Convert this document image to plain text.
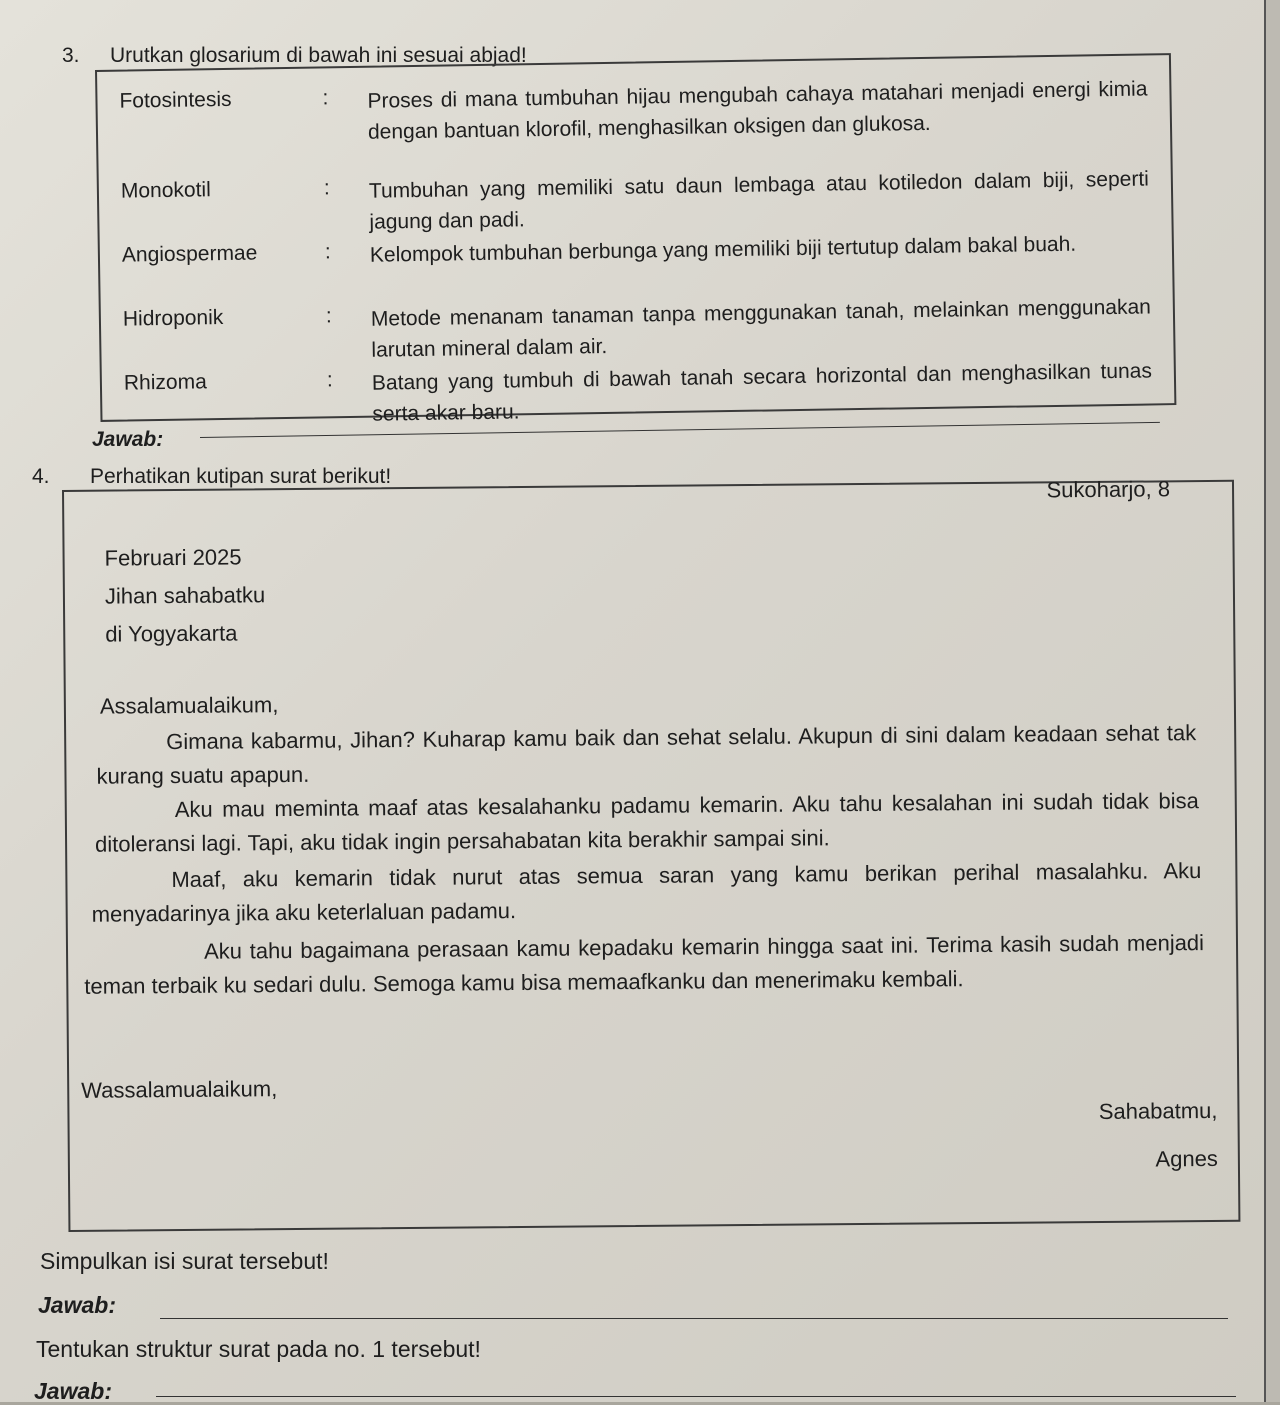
3. Urutkan glosarium di bawah ini sesuai abjad!
Fotosintesis	: Proses di mana tumbuhan hijau mengubah cahaya matahari menjadi energi kimia dengan bantuan klorofil, menghasilkan oksigen dan glukosa.
Monokotil	: Tumbuhan yang memiliki satu daun lembaga atau kotiledon dalam biji, seperti jagung dan padi.
Angiospermae	: Kelompok tumbuhan berbunga yang memiliki biji tertutup dalam bakal buah.
Hidroponik	: Metode menanam tanaman tanpa menggunakan tanah, melainkan menggunakan larutan mineral dalam air.
Rhizoma	: Batang yang tumbuh di bawah tanah secara horizontal dan menghasilkan tunas serta akar baru.
Jawab:
4. Perhatikan kutipan surat berikut!	Sukoharjo, 8
Februari 2025
Jihan sahabatku
di Yogyakarta
Assalamualaikum,
Gimana kabarmu, Jihan? Kuharap kamu baik dan sehat selalu. Akupun di sini dalam keadaan sehat tak kurang suatu apapun.
Aku mau meminta maaf atas kesalahanku padamu kemarin. Aku tahu kesalahan ini sudah tidak bisa ditoleransi lagi. Tapi, aku tidak ingin persahabatan kita berakhir sampai sini.
Maaf, aku kemarin tidak nurut atas semua saran yang kamu berikan perihal masalahku. Aku menyadarinya jika aku keterlaluan padamu.
Aku tahu bagaimana perasaan kamu kepadaku kemarin hingga saat ini. Terima kasih sudah menjadi teman terbaik ku sedari dulu. Semoga kamu bisa memaafkanku dan menerimaku kembali.
Wassalamualaikum,
Sahabatmu,
Agnes
Simpulkan isi surat tersebut!
Jawab:
Tentukan struktur surat pada no. 1 tersebut!
Jawab:
